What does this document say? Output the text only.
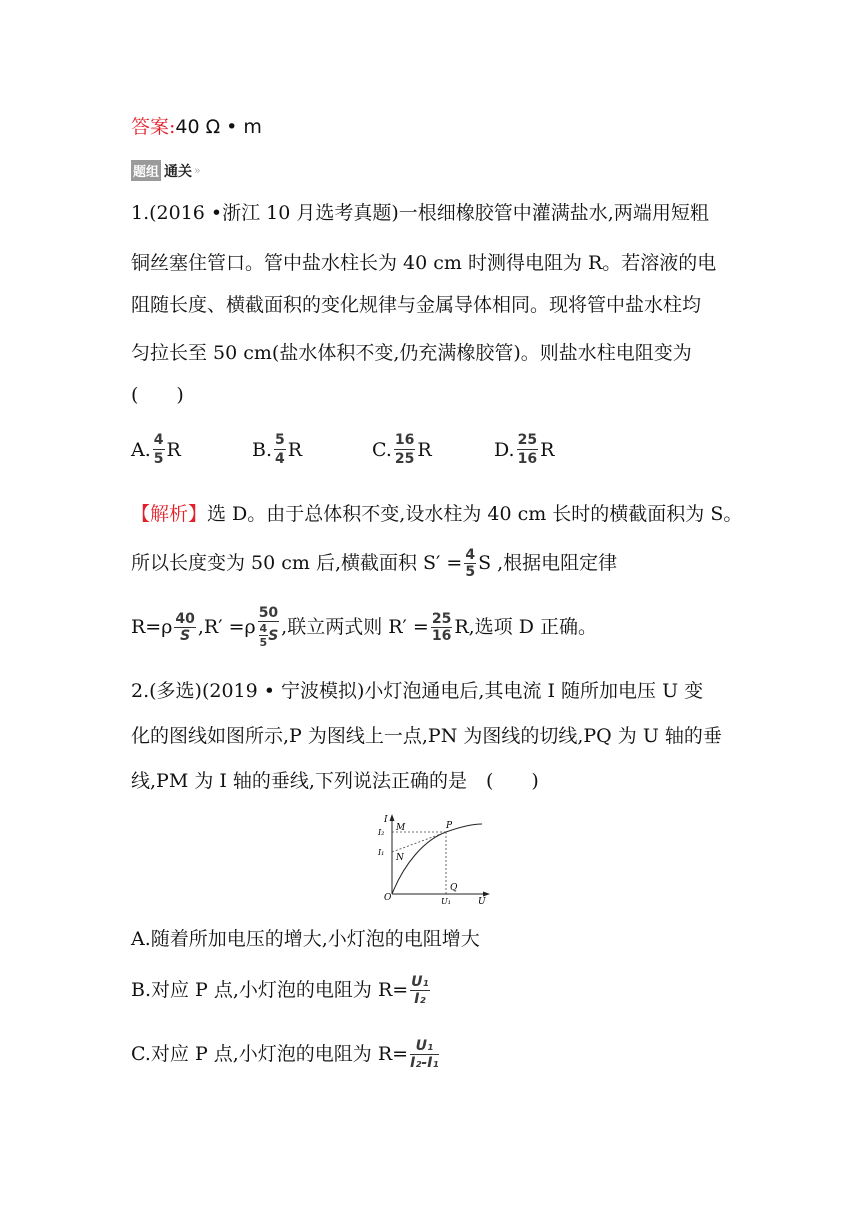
答案:40 Ω • m
题组 通关 »
1.(2016 •浙江 10 月选考真题)一根细橡胶管中灌满盐水,两端用短粗
铜丝塞住管口。管中盐水柱长为 40 cm 时测得电阻为 R。若溶液的电
阻随长度、横截面积的变化规律与金属导体相同。现将管中盐水柱均
匀拉长至 50 cm(盐水体积不变,仍充满橡胶管)。则盐水柱电阻变为
(　　)
A. $\frac{4}{5}$ R	B. $\frac{5}{4}$ R	C. $\frac{16}{25}$ R	D. $\frac{25}{16}$ R
【解析】选 D。由于总体积不变,设水柱为 40 cm 长时的横截面积为 S。
所以长度变为 50 cm 后,横截面积 $S' = \frac{4}{5}$ S ,根据电阻定律
$R=\rho \frac{40}{S} ,R' =\rho \frac{50}{\frac{4}{5} S}$ ,联立两式则 $R' = \frac{25}{16} R$,选项 D 正确。
2.(多选)(2019 • 宁波模拟)小灯泡通电后,其电流 I 随所加电压 U 变
化的图线如图所示,P 为图线上一点,PN 为图线的切线,PQ 为 U 轴的垂
线,PM 为 I 轴的垂线,下列说法正确的是　(　　)
I
I₂
I₁
M
N
P
O
Q
U₁	U
A.随着所加电压的增大,小灯泡的电阻增大
B.对应 P 点,小灯泡的电阻为 $R= \frac{\text{U₁}}{\text{I₂}}$
C.对应 P 点,小灯泡的电阻为 $R= \frac{\text{U₁}}{\text{I₂-I₁}}$
